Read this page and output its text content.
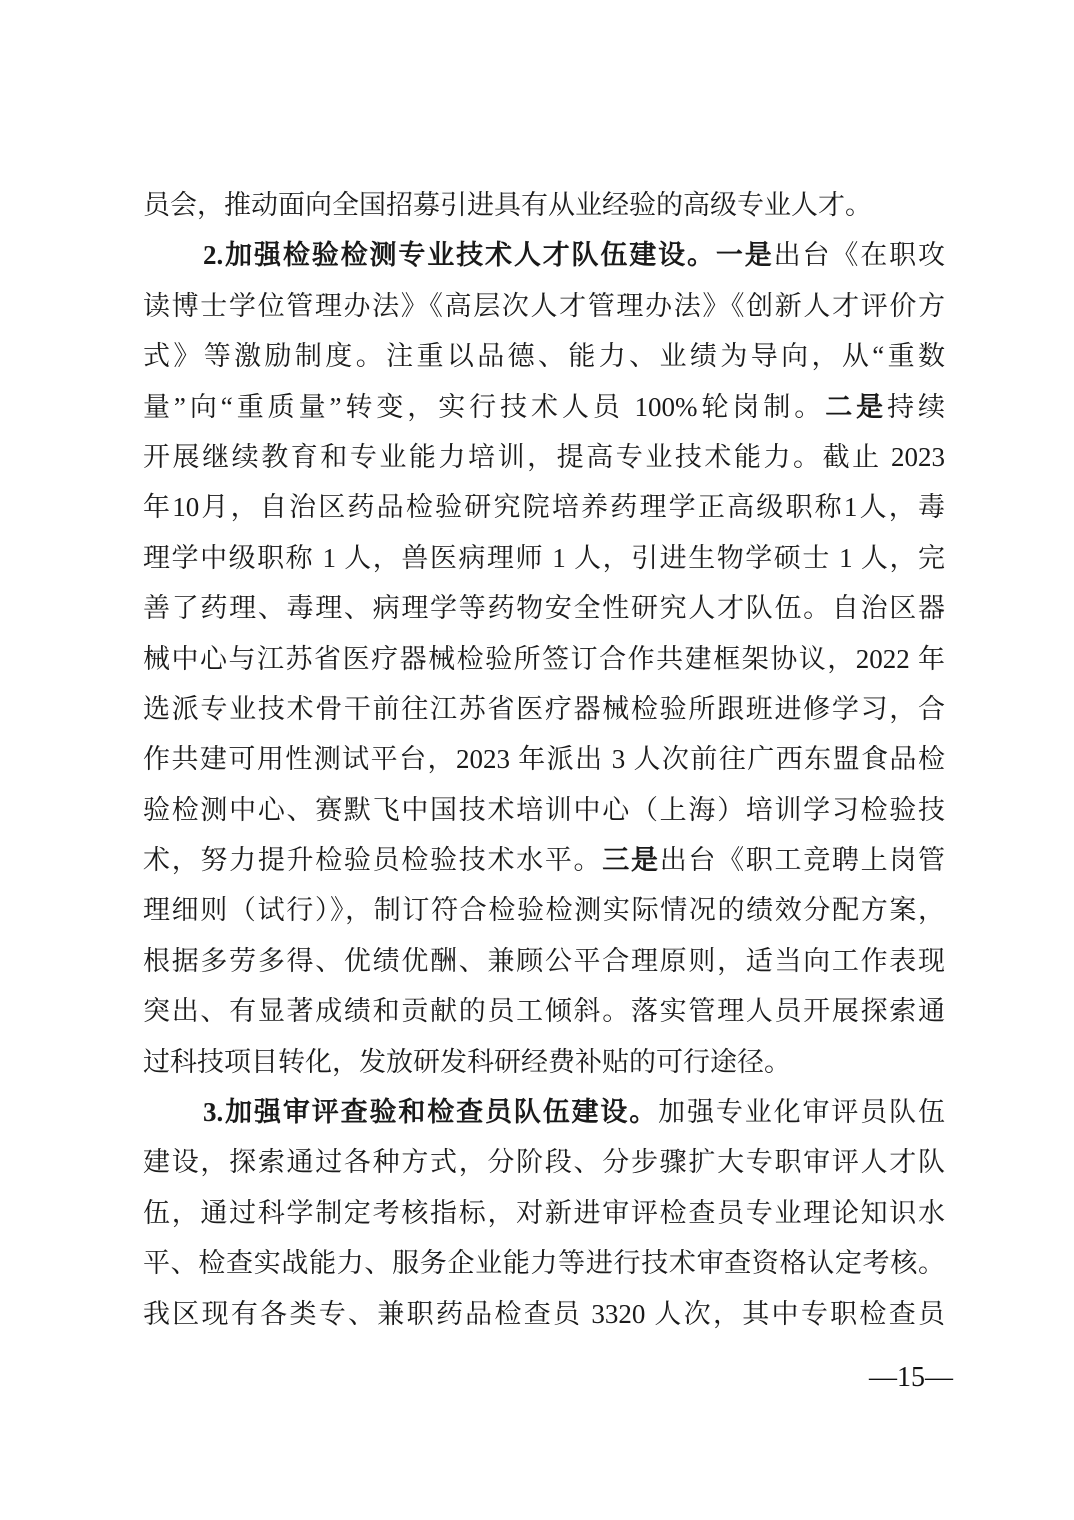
员会，推动面向全国招募引进具有从业经验的高级专业人才。
2.加强检验检测专业技术人才队伍建设。一是出台《在职攻
读博士学位管理办法》《高层次人才管理办法》《创新人才评价方
式》等激励制度。注重以品德、能力、业绩为导向，从“重数
量”向“重质量”转变，实行技术人员 100%轮岗制。二是持续
开展继续教育和专业能力培训，提高专业技术能力。截止 2023
年10月，自治区药品检验研究院培养药理学正高级职称1人，毒
理学中级职称 1 人，兽医病理师 1 人，引进生物学硕士 1 人，完
善了药理、毒理、病理学等药物安全性研究人才队伍。自治区器
械中心与江苏省医疗器械检验所签订合作共建框架协议，2022 年
选派专业技术骨干前往江苏省医疗器械检验所跟班进修学习，合
作共建可用性测试平台，2023 年派出 3 人次前往广西东盟食品检
验检测中心、赛默飞中国技术培训中心（上海）培训学习检验技
术，努力提升检验员检验技术水平。三是出台《职工竞聘上岗管
理细则（试行）》，制订符合检验检测实际情况的绩效分配方案，
根据多劳多得、优绩优酬、兼顾公平合理原则，适当向工作表现
突出、有显著成绩和贡献的员工倾斜。落实管理人员开展探索通
过科技项目转化，发放研发科研经费补贴的可行途径。
3.加强审评查验和检查员队伍建设。加强专业化审评员队伍
建设，探索通过各种方式，分阶段、分步骤扩大专职审评人才队
伍，通过科学制定考核指标，对新进审评检查员专业理论知识水
平、检查实战能力、服务企业能力等进行技术审查资格认定考核。
我区现有各类专、兼职药品检查员 3320 人次，其中专职检查员
—15—
